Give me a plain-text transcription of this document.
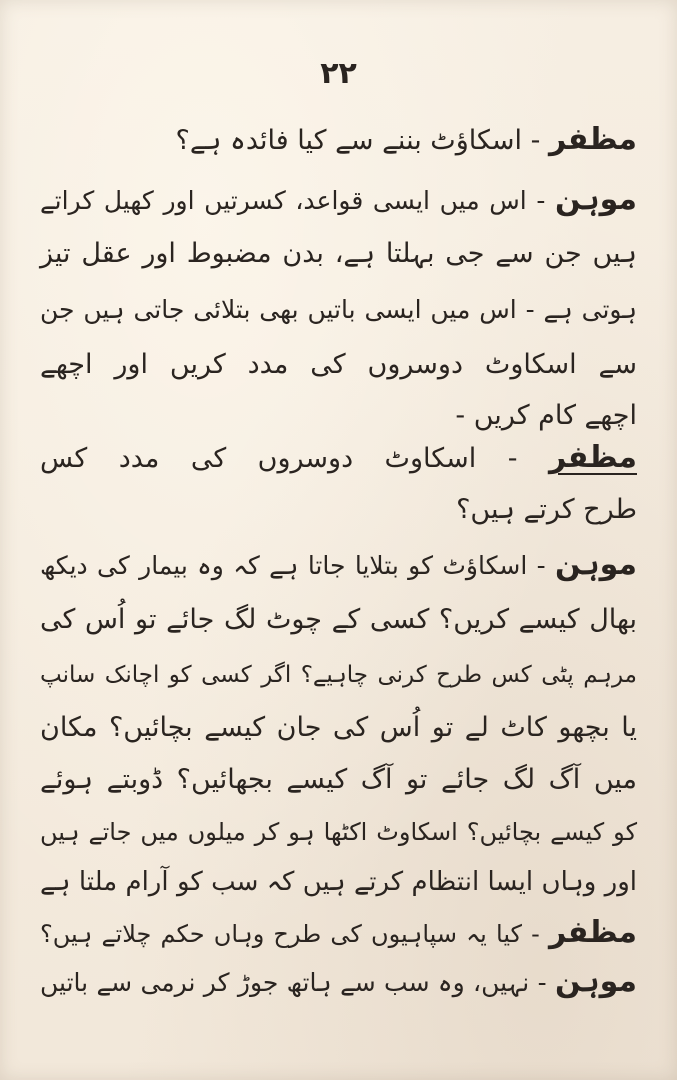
۲۲
مظفر - اسکاؤٹ بننے سے کیا فائدہ ہے؟
موہن - اس میں ایسی قواعد، کسرتیں اور کھیل کراتے
ہیں جن سے جی بہلتا ہے، بدن مضبوط اور عقل تیز
ہوتی ہے - اس میں ایسی باتیں بھی بتلائی جاتی ہیں جن
سے اسکاوٹ دوسروں کی مدد کریں اور اچھے
اچھے کام کریں -
مظفر - اسکاوٹ دوسروں کی مدد کس
طرح کرتے ہیں؟
موہن - اسکاؤٹ کو بتلایا جاتا ہے کہ وہ بیمار کی دیکھ
بھال کیسے کریں؟ کسی کے چوٹ لگ جائے تو اُس کی
مرہم پٹی کس طرح کرنی چاہیے؟ اگر کسی کو اچانک سانپ
یا بچھو کاٹ لے تو اُس کی جان کیسے بچائیں؟ مکان
میں آگ لگ جائے تو آگ کیسے بجھائیں؟ ڈوبتے ہوئے
کو کیسے بچائیں؟ اسکاوٹ اکٹھا ہو کر میلوں میں جاتے ہیں
اور وہاں ایسا انتظام کرتے ہیں کہ سب کو آرام ملتا ہے
مظفر - کیا یہ سپاہیوں کی طرح وہاں حکم چلاتے ہیں؟
موہن - نہیں، وہ سب سے ہاتھ جوڑ کر نرمی سے باتیں
